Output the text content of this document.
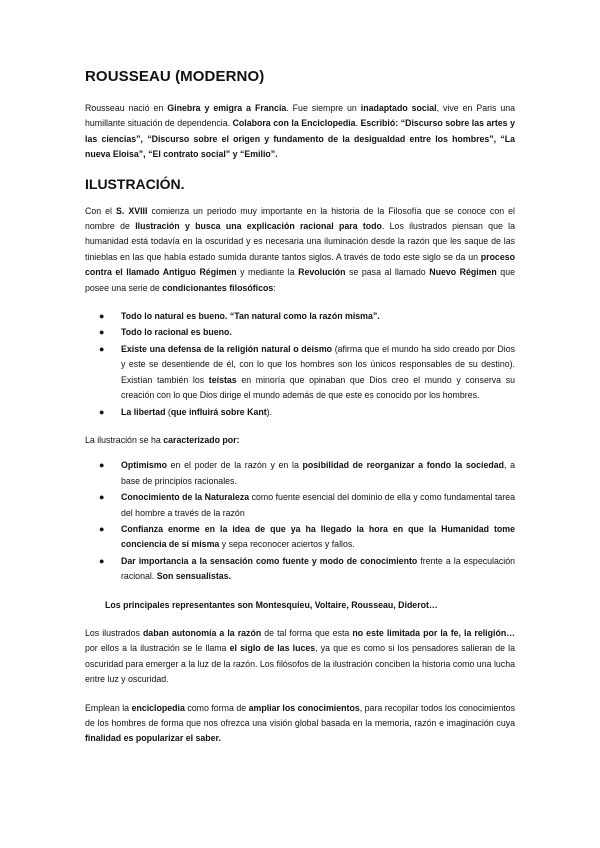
ROUSSEAU (MODERNO)

Rousseau nació en Ginebra y emigra a Francia. Fue siempre un inadaptado social, vive en Paris una humillante situación de dependencia. Colabora con la Enciclopedia. Escribió: “Discurso sobre las artes y las ciencias”, “Discurso sobre el origen y fundamento de la desigualdad entre los hombres”, “La nueva Eloisa”, “El contrato social” y “Emilio”.

ILUSTRACIÓN.

Con el S. XVIII comienza un periodo muy importante en la historia de la Filosofía que se conoce con el nombre de Ilustración y busca una explicación racional para todo. Los ilustrados piensan que la humanidad está todavía en la oscuridad y es necesaria una iluminación desde la razón que les saque de las tinieblas en las que había estado sumida durante tantos siglos. A través de todo este siglo se da un proceso contra el llamado Antiguo Régimen y mediante la Revolución se pasa al llamado Nuevo Régimen que posee una serie de condicionantes filosóficos:

● Todo lo natural es bueno. “Tan natural como la razón misma”.
● Todo lo racional es bueno.
● Existe una defensa de la religión natural o deísmo (afirma que el mundo ha sido creado por Dios y este se desentiende de él, con lo que los hombres son los únicos responsables de su destino). Existían también los teístas en minoría que opinaban que Dios creo el mundo y conserva su creación con lo que Dios dirige el mundo además de que este es conocido por los hombres.
● La libertad (que influirá sobre Kant).

La ilustración se ha caracterizado por:

● Optimismo en el poder de la razón y en la posibilidad de reorganizar a fondo la sociedad, a base de principios racionales.
● Conocimiento de la Naturaleza como fuente esencial del dominio de ella y como fundamental tarea del hombre a través de la razón
● Confianza enorme en la idea de que ya ha llegado la hora en que la Humanidad tome conciencia de sí misma y sepa reconocer aciertos y fallos.
● Dar importancia a la sensación como fuente y modo de conocimiento frente a la especulación racional. Son sensualistas.

Los principales representantes son Montesquieu, Voltaire, Rousseau, Diderot…

Los ilustrados daban autonomía a la razón de tal forma que esta no este limitada por la fe, la religión… por ellos a la ilustración se le llama el siglo de las luces, ya que es como si los pensadores salieran de la oscuridad para emerger a la luz de la razón. Los filósofos de la ilustración conciben la historia como una lucha entre luz y oscuridad.

Emplean la enciclopedia como forma de ampliar los conocimientos, para recopilar todos los conocimientos de los hombres de forma que nos ofrezca una visión global basada en la memoria, razón e imaginación cuya finalidad es popularizar el saber.
